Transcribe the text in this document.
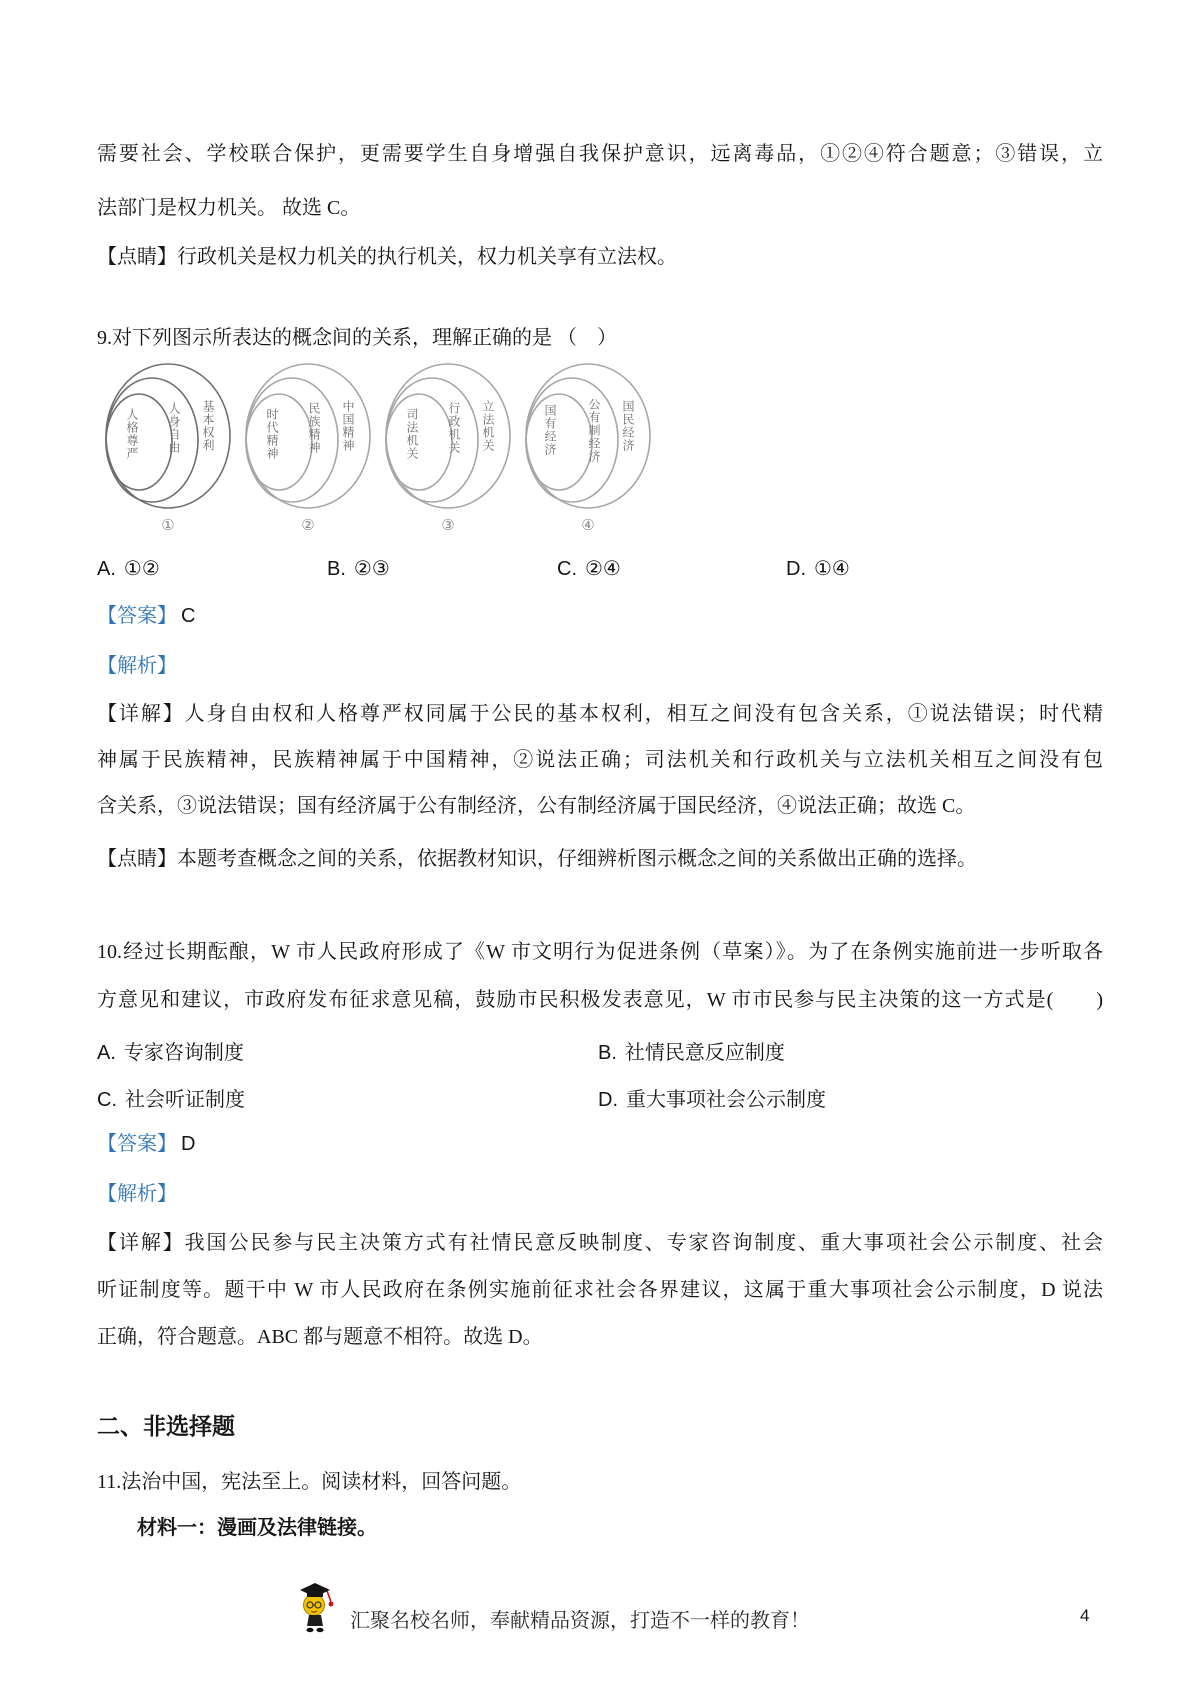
需要社会、学校联合保护，更需要学生自身增强自我保护意识，远离毒品，①②④符合题意；③错误，立
法部门是权力机关。 故选 C。
【点睛】行政机关是权力机关的执行机关，权力机关享有立法权。
9.对下列图示所表达的概念间的关系，理解正确的是 （　）
人格尊严 人身自由 基本权利
①
时代精神 民族精神 中国精神
②
司法机关 行政机关 立法机关
③
国有经济	公有制经济 国民经济
④
A. ①②	B. ②③	C. ②④	D. ①④
【答案】 C
【解析】
【详解】人身自由权和人格尊严权同属于公民的基本权利，相互之间没有包含关系，①说法错误；时代精
神属于民族精神，民族精神属于中国精神，②说法正确；司法机关和行政机关与立法机关相互之间没有包
含关系，③说法错误；国有经济属于公有制经济，公有制经济属于国民经济，④说法正确；故选 C。
【点睛】本题考查概念之间的关系，依据教材知识，仔细辨析图示概念之间的关系做出正确的选择。
10.经过长期酝酿，W 市人民政府形成了《W 市文明行为促进条例（草案）》。为了在条例实施前进一步听取各
方意见和建议，市政府发布征求意见稿，鼓励市民积极发表意见，W 市市民参与民主决策的这一方式是(　　)
A. 专家咨询制度	B. 社情民意反应制度
C. 社会听证制度	D. 重大事项社会公示制度
【答案】 D
【解析】
【详解】我国公民参与民主决策方式有社情民意反映制度、专家咨询制度、重大事项社会公示制度、社会
听证制度等。题干中 W 市人民政府在条例实施前征求社会各界建议，这属于重大事项社会公示制度，D 说法
正确，符合题意。ABC 都与题意不相符。故选 D。
二、非选择题
11.法治中国，宪法至上。阅读材料，回答问题。
材料一：漫画及法律链接。
汇聚名校名师，奉献精品资源，打造不一样的教育！	4
